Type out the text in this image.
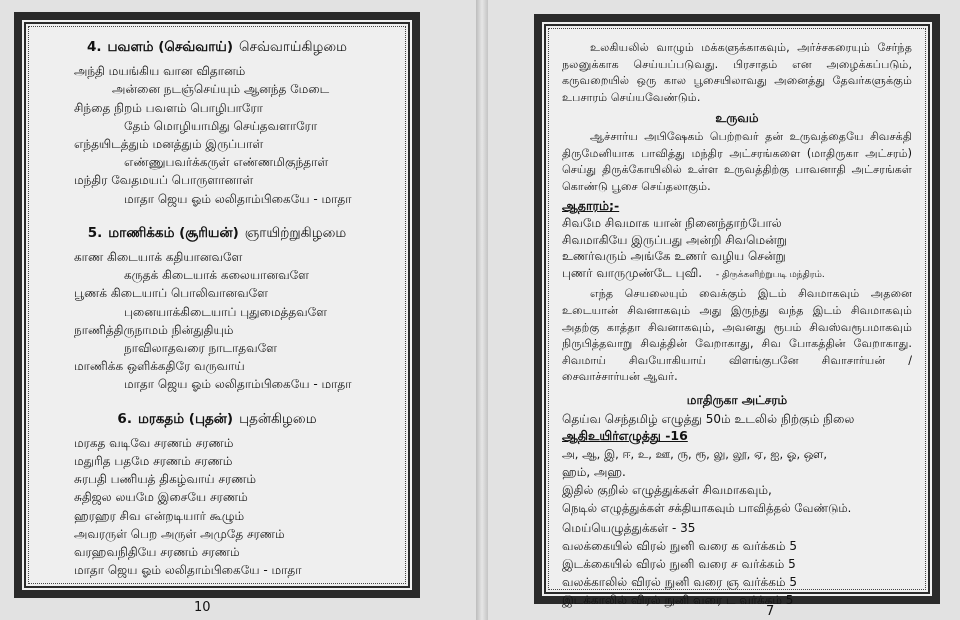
4. பவளம் (செவ்வாய்) செவ்வாய்கிழமை
அந்தி மயங்கிய வான விதானம்
அன்னை நடஞ்செய்யும் ஆனந்த மேடை
சிந்தை நிறம் பவளம் பொழிபாரோ
தேம் மொழியாமிது செய்தவளாரோ
எந்தயிடத்தும் மனத்தும் இருப்பாள்
எண்ணுபவர்க்கருள் எண்ணமிகுந்தாள்
மந்திர வேதமயப் பொருளானாள்
மாதா ஜெய ஓம் லலிதாம்பிகையே - மாதா
5. மாணிக்கம் (சூரியன்) ஞாயிற்றுகிழமை
காண கிடையாக் கதியானவளே
கருதக் கிடையாக் கலையானவளே
பூணக் கிடையாப் பொலிவானவளே
புனையாக்கிடையாப் புதுமைத்தவளே
நாணித்திருநாமம் நின்துதியும்
நாவிலாதவரை நாடாதவளே
மாணிக்க ஒளிக்கதிரே வருவாய்
மாதா ஜெய ஓம் லலிதாம்பிகையே - மாதா
6. மரகதம் (புதன்) புதன்கிழமை
மரகத வடிவே சரணம் சரணம்
மதுரித பதமே சரணம் சரணம்
சுரபதி பணியத் திகழ்வாய் சரணம்
சுதிஜல லயமே இசையே சரணம்
ஹரஹர சிவ என்றடியார் கூழும்
அவரருள் பெற அருள் அமுதே சரணம்
வரஹவநிதியே சரணம் சரணம்
மாதா ஜெய ஓம் லலிதாம்பிகையே - மாதா
10

உலகியலில் வாழும் மக்களுக்காகவும், அர்ச்சகரையும் சேர்ந்த நலனுக்காக செய்யப்படுவது. பிரசாதம் என அழைக்கப்படும், கருவறையில் ஒரு கால பூசையிலாவது அனைத்து தேவர்களுக்கும் உபசாரம் செய்யவேண்டும்.

உருவம்

ஆச்சார்ய அபிஷேகம் பெற்றவர் தன் உருவத்தையே சிவசக்தி திருமேனியாக பாவித்து மந்திர அட்சரங்களை (மாதிருகா அட்சரம்) செய்து திருக்கோயிலில் உள்ள உருவத்திற்கு பாவனாதி அட்சரங்கள் கொண்டு பூசை செய்தலாகும்.

ஆதாரம்;-
சிவமே சிவமாக யான் நினைந்தாற்போல்
சிவமாகியே இருப்பது அன்றி சிவமென்று
உணர்வரும் அங்கே உணர் வழிய சென்று
புணர் வாருமுண்டே புவி. - திருக்களிற்றுபடி மந்திரம்.

எந்த செயலையும் வைக்கும் இடம் சிவமாகவும் அதனை உடையான் சிவனாகவும் அது இருந்து வந்த இடம் சிவமாகவும் அதற்கு காத்தா சிவனாகவும், அவனது ரூபம் சிவஸ்வரூபமாகவும் நிருபித்தவாறு சிவத்தின் வேறாகாது, சிவ போகத்தின் வேறாகாது. சிவமாய் சிவயோகியாய் விளங்குபனே சிவாசார்யன் / சைவாச்சார்யன் ஆவர்.

மாதிருகா அட்சரம்
தெய்வ செந்தமிழ் எழுத்து 50ம் உடலில் நிற்கும் நிலை
ஆதிஉயிர்எழுத்து -16
அ, ஆ, இ, ஈ, உ, ஊ, ரு, ரூ, லு, லூ, ஏ, ஐ, ஓ, ஔ,
ஹம், அஹ.
இதில் குறில் எழுத்துக்கள் சிவமாகவும்,
நெடில் எழுத்துக்கள் சக்தியாகவும் பாவித்தல் வேண்டும்.
மெய்யெழுத்துக்கள் - 35
வலக்கையில் விரல் நுனி வரை க வர்க்கம் 5
இடக்கையில் விரல் நுனி வரை ச வர்க்கம் 5
வலக்காலில் விரல் நுனி வரை ஞ வர்க்கம் 5
இடக்காலில் விரல் நுனி வரை ட வர்க்கம் 5
7
